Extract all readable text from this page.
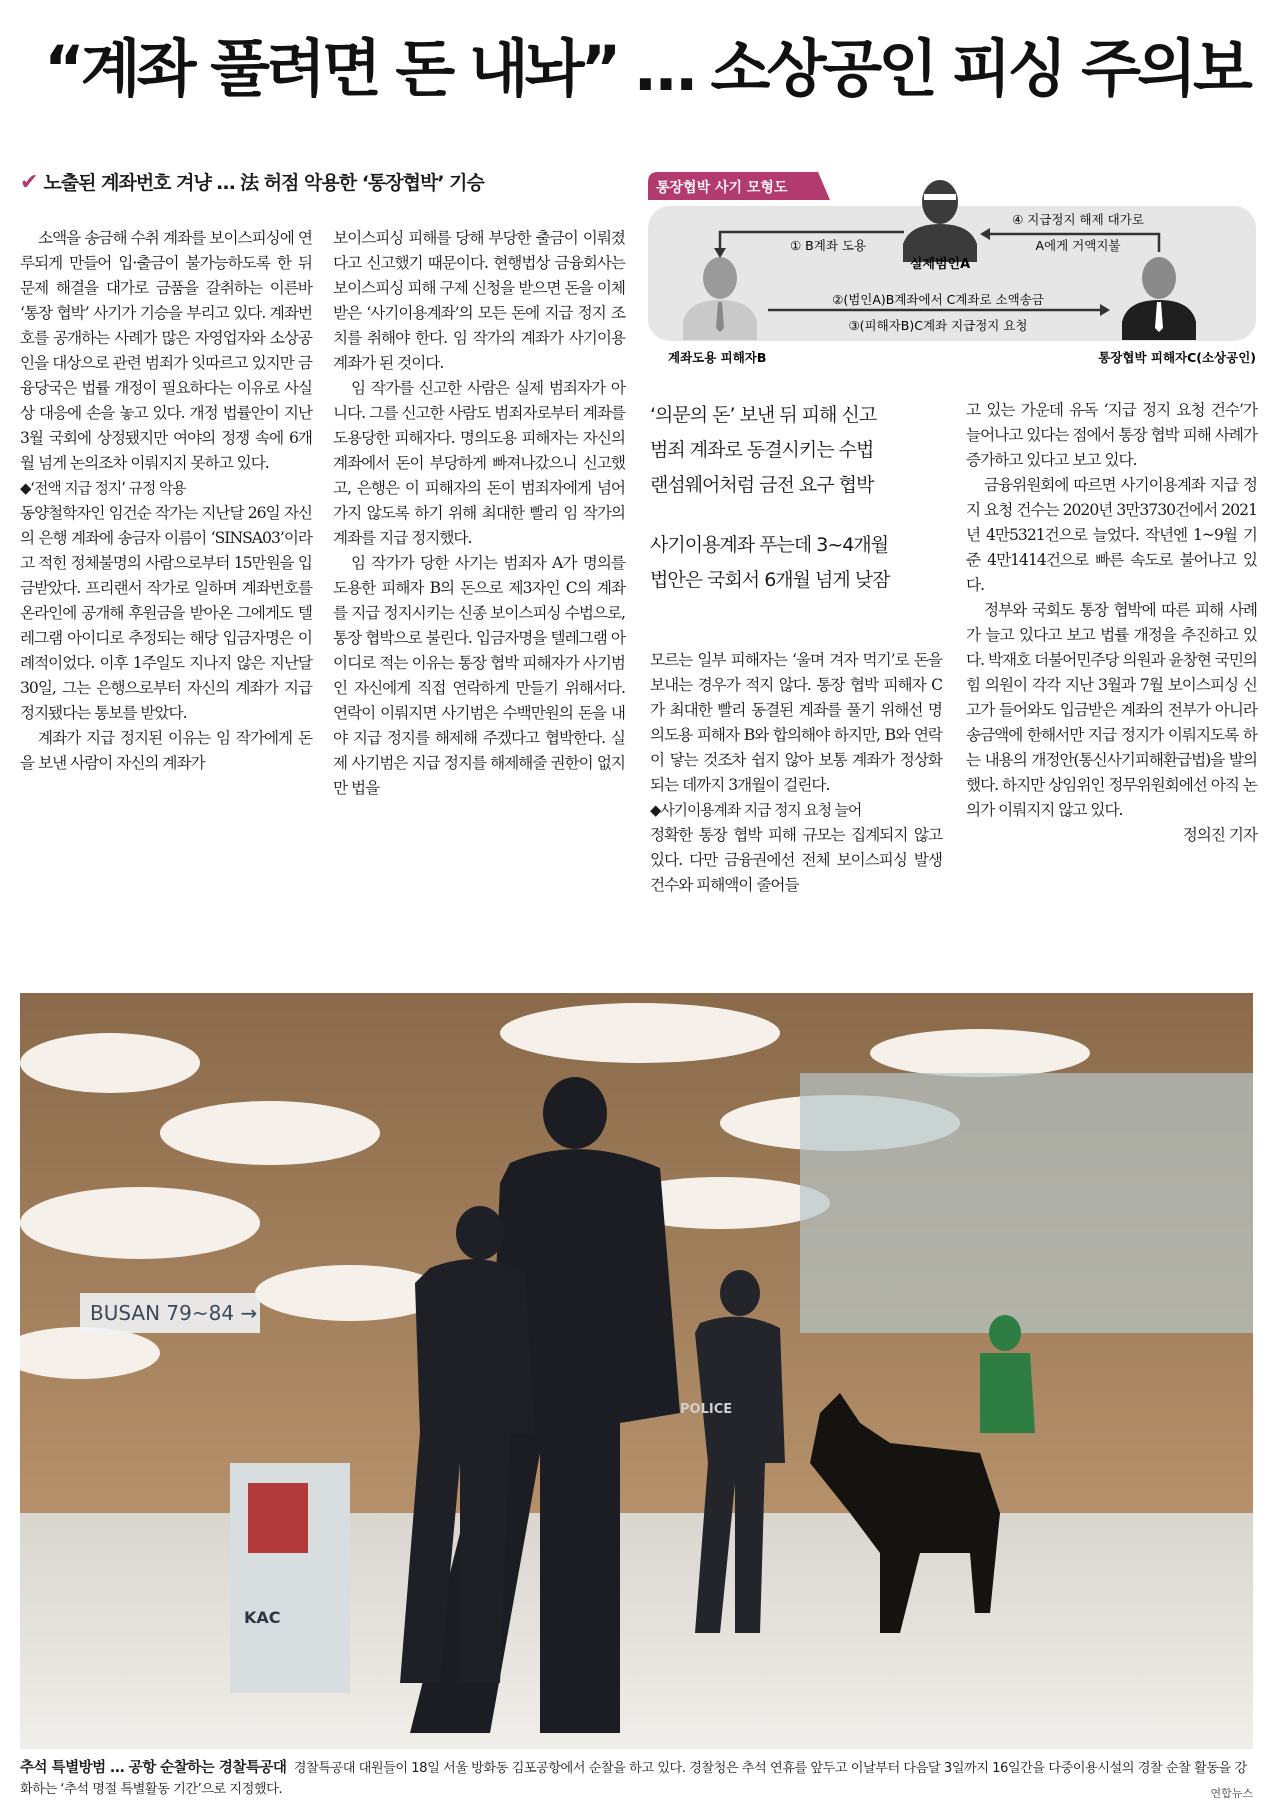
“계좌 풀려면 돈 내놔” … 소상공인 피싱 주의보
✔ 노출된 계좌번호 겨냥 … 法 허점 악용한 ‘통장협박’ 기승

소액을 송금해 수취 계좌를 보이스피싱에 연루되게 만들어 입·출금이 불가능하도록 한 뒤 문제 해결을 대가로 금품을 갈취하는 이른바 ‘통장 협박’ 사기가 기승을 부리고 있다. 계좌번호를 공개하는 사례가 많은 자영업자와 소상공인을 대상으로 관련 범죄가 잇따르고 있지만 금융당국은 법률 개정이 필요하다는 이유로 사실상 대응에 손을 놓고 있다. 개정 법률안이 지난 3월 국회에 상정됐지만 여야의 정쟁 속에 6개월 넘게 논의조차 이뤄지지 못하고 있다.

◆‘전액 지급 정지’ 규정 악용

동양철학자인 임건순 작가는 지난달 26일 자신의 은행 계좌에 송금자 이름이 ‘SINSA03’이라고 적힌 정체불명의 사람으로부터 15만원을 입금받았다. 프리랜서 작가로 일하며 계좌번호를 온라인에 공개해 후원금을 받아온 그에게도 텔레그램 아이디로 추정되는 해당 입금자명은 이례적이었다. 이후 1주일도 지나지 않은 지난달 30일, 그는 은행으로부터 자신의 계좌가 지급 정지됐다는 통보를 받았다.

계좌가 지급 정지된 이유는 임 작가에게 돈을 보낸 사람이 자신의 계좌가

보이스피싱 피해를 당해 부당한 출금이 이뤄졌다고 신고했기 때문이다. 현행법상 금융회사는 보이스피싱 피해 구제 신청을 받으면 돈을 이체받은 ‘사기이용계좌’의 모든 돈에 지급 정지 조치를 취해야 한다. 임 작가의 계좌가 사기이용계좌가 된 것이다.

임 작가를 신고한 사람은 실제 범죄자가 아니다. 그를 신고한 사람도 범죄자로부터 계좌를 도용당한 피해자다. 명의도용 피해자는 자신의 계좌에서 돈이 부당하게 빠져나갔으니 신고했고, 은행은 이 피해자의 돈이 범죄자에게 넘어가지 않도록 하기 위해 최대한 빨리 임 작가의 계좌를 지급 정지했다.

임 작가가 당한 사기는 범죄자 A가 명의를 도용한 피해자 B의 돈으로 제3자인 C의 계좌를 지급 정지시키는 신종 보이스피싱 수법으로, 통장 협박으로 불린다. 입금자명을 텔레그램 아이디로 적는 이유는 통장 협박 피해자가 사기범인 자신에게 직접 연락하게 만들기 위해서다. 연락이 이뤄지면 사기범은 수백만원의 돈을 내야 지급 정지를 해제해 주겠다고 협박한다. 실제 사기범은 지급 정지를 해제해줄 권한이 없지만 법을

통장협박 사기 모형도
실제범인A
계좌도용 피해자B	통장협박 피해자C(소상공인)
① B계좌 도용
④ 지급정지 해제 대가로
A에게 거액지불
②(범인A)B계좌에서 C계좌로 소액송금
③(피해자B)C계좌 지급정지 요청
‘의문의 돈’ 보낸 뒤 피해 신고
범죄 계좌로 동결시키는 수법
랜섬웨어처럼 금전 요구 협박
사기이용계좌 푸는데 3~4개월
법안은 국회서 6개월 넘게 낮잠

모르는 일부 피해자는 ‘울며 겨자 먹기’로 돈을 보내는 경우가 적지 않다. 통장 협박 피해자 C가 최대한 빨리 동결된 계좌를 풀기 위해선 명의도용 피해자 B와 합의해야 하지만, B와 연락이 닿는 것조차 쉽지 않아 보통 계좌가 정상화되는 데까지 3개월이 걸린다.

◆사기이용계좌 지급 정지 요청 늘어

정확한 통장 협박 피해 규모는 집계되지 않고 있다. 다만 금융권에선 전체 보이스피싱 발생 건수와 피해액이 줄어들

고 있는 가운데 유독 ‘지급 정지 요청 건수’가 늘어나고 있다는 점에서 통장 협박 피해 사례가 증가하고 있다고 보고 있다.

금융위원회에 따르면 사기이용계좌 지급 정지 요청 건수는 2020년 3만3730건에서 2021년 4만5321건으로 늘었다. 작년엔 1~9월 기준 4만1414건으로 빠른 속도로 불어나고 있다.

정부와 국회도 통장 협박에 따른 피해 사례가 늘고 있다고 보고 법률 개정을 추진하고 있다. 박재호 더불어민주당 의원과 윤창현 국민의힘 의원이 각각 지난 3월과 7월 보이스피싱 신고가 들어와도 입금받은 계좌의 전부가 아니라 송금액에 한해서만 지급 정지가 이뤄지도록 하는 내용의 개정안(통신사기피해환급법)을 발의했다. 하지만 상임위인 정무위원회에선 아직 논의가 이뤄지지 않고 있다.

정의진 기자

BUSAN 79~84 →
KAC
POLICE
추석 특별방범 … 공항 순찰하는 경찰특공대 경찰특공대 대원들이 18일 서울 방화동 김포공항에서 순찰을 하고 있다. 경찰청은 추석 연휴를 앞두고 이날부터 다음달 3일까지 16일간을 다중이용시설의 경찰 순찰 활동을 강화하는 ‘추석 명절 특별활동 기간’으로 지정했다.	연합뉴스
